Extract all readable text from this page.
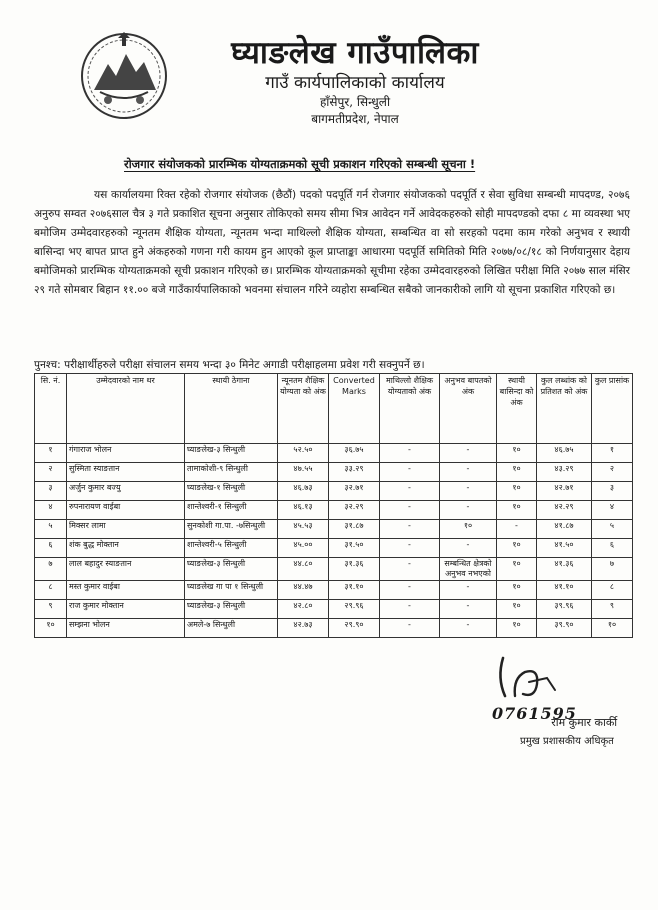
घ्याङलेख गाउँपालिका
गाउँ कार्यपालिकाको कार्यालय
हाँसेपुर, सिन्धुली
बागमतीप्रदेश, नेपाल
रोजगार संयोजकको प्रारम्भिक योग्यताक्रमको सूची प्रकाशन गरिएको सम्बन्धी सूचना !

यस कार्यालयमा रिक्त रहेको रोजगार संयोजक (छैठौं) पदको पदपूर्ति गर्न रोजगार संयोजकको पदपूर्ति र सेवा सुविधा सम्बन्धी मापदण्ड, २०७६ अनुरुप सम्वत २०७६साल चैत्र ३ गते प्रकाशित सूचना अनुसार तोकिएको समय सीमा भित्र आवेदन गर्ने आवेदकहरुको सोही मापदण्डको दफा ८ मा व्यवस्था भए बमोजिम उम्मेदवारहरुको न्यूनतम शैक्षिक योग्यता, न्यूनतम भन्दा माथिल्लो शैक्षिक योग्यता, सम्बन्धित वा सो सरहको पदमा काम गरेको अनुभव र स्थायी बासिन्दा भए बापत प्राप्त हुने अंकहरुको गणना गरी कायम हुन आएको कूल प्राप्ताङ्का आधारमा पदपूर्ति समितिको मिति २०७७/०८/१८ को निर्णयानुसार देहाय बमोजिमको प्रारम्भिक योग्यताक्रमको सूची प्रकाशन गरिएको छ। प्रारम्भिक योग्यताक्रमको सूचीमा रहेका उम्मेदवारहरुको लिखित परीक्षा मिति २०७७ साल मंसिर २९ गते सोमबार बिहान ११.०० बजे गाउँकार्यपालिकाको भवनमा संचालन गरिने व्यहोरा सम्बन्धित सबैको जानकारीको लागि यो सूचना प्रकाशित गरिएको छ।

पुनश्च: परीक्षार्थीहरुले परीक्षा संचालन समय भन्दा ३० मिनेट अगाडी परीक्षाहलमा प्रवेश गरी सक्नुपर्ने छ।
सि. नं.	उम्मेदवारको नाम थर	स्थायी ठेगाना	न्यूनतम शैक्षिक योग्यता को अंक	Converted Marks	माथिल्लो शैक्षिक योग्यताको अंक	अनुभव बापतको अंक	स्थायी बासिन्दा को अंक	कुल लब्धांक को प्रतिशत को अंक	कुल प्रासांक
१	गंगाराज भोलन	घ्याङलेख-३ सिन्धुली	५२.५०	३६.७५	-	-	१०	४६.७५	१
२	सुस्मिता स्याङतान	तामाकोशी-९ सिन्धुली	४७.५५	३३.२९	-	-	१०	४३.२९	२
३	अर्जुन कुमार बज्यु	घ्याङलेख-१ सिन्धुली	४६.७३	३२.७१	-	-	१०	४२.७१	३
४	रुपनारायण वाईबा	शान्तेश्वरी-१ सिन्धुली	४६.१३	३२.२९	-	-	१०	४२.२९	४
५	मिक्सर लामा	सुनकोशी गा.पा. -७सिन्धुली	४५.५३	३१.८७	-	१०	-	४१.८७	५
६	शंक बुद्ध मोक्तान	शान्तेश्वरी-५ सिन्धुली	४५.००	३१.५०	-	-	१०	४१.५०	६
७	लाल बहादुर स्याङतान	घ्याङलेख-३ सिन्धुली	४४.८०	३१.३६	-	सम्बन्धित क्षेत्रको अनुभव नभएको	१०	४१.३६	७
८	मस्त कुमार वाईबा	घ्याङलेख गा पा १ सिन्धुली	४४.४७	३१.१०	-	-	१०	४१.१०	८
९	राज कुमार मोक्तान	घ्याङलेख-३ सिन्धुली	४२.८०	२९.९६	-	-	१०	३९.९६	९
१०	सम्झना भोलन	अमले-७ सिन्धुली	४२.७३	२९.९०	-	-	१०	३९.९०	१०
0761595
राम कुमार कार्की
प्रमुख प्रशासकीय अधिकृत
